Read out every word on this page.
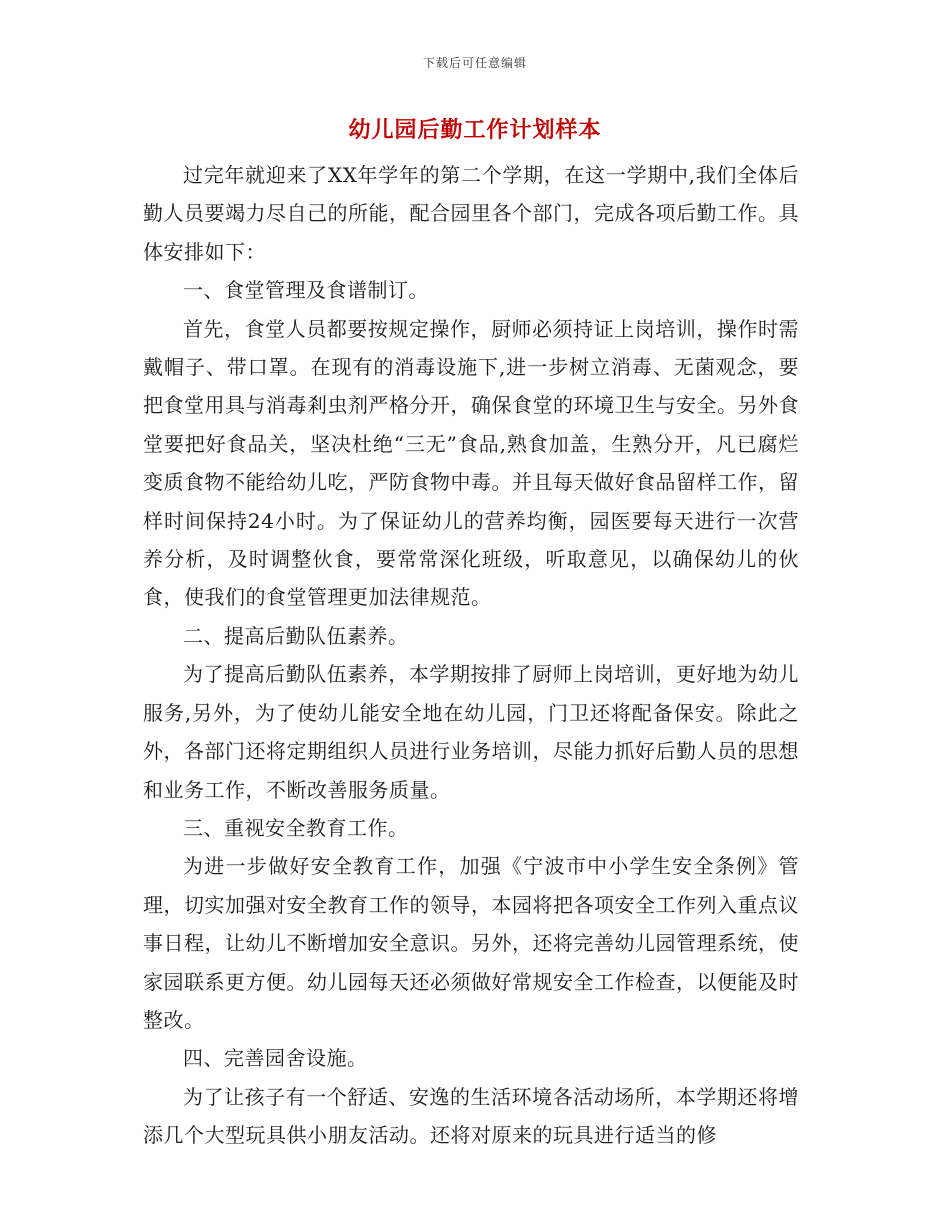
下载后可任意编辑
幼儿园后勤工作计划样本

过完年就迎来了XX年学年的第二个学期，在这一学期中,我们全体后勤人员要竭力尽自己的所能，配合园里各个部门，完成各项后勤工作。具体安排如下：

一、食堂管理及食谱制订。

首先，食堂人员都要按规定操作，厨师必须持证上岗培训，操作时需戴帽子、带口罩。在现有的消毒设施下,进一步树立消毒、无菌观念，要把食堂用具与消毒剎虫剂严格分开，确保食堂的环境卫生与安全。另外食堂要把好食品关，坚决杜绝“三无”食品,熟食加盖，生熟分开，凡已腐烂变质食物不能给幼儿吃，严防食物中毒。并且每天做好食品留样工作，留样时间保持24小时。为了保证幼儿的营养均衡，园医要每天进行一次营养分析，及时调整伙食，要常常深化班级，听取意见，以确保幼儿的伙食，使我们的食堂管理更加法律规范。

二、提高后勤队伍素养。

为了提高后勤队伍素养，本学期按排了厨师上岗培训，更好地为幼儿服务,另外，为了使幼儿能安全地在幼儿园，门卫还将配备保安。除此之外，各部门还将定期组织人员进行业务培训，尽能力抓好后勤人员的思想和业务工作，不断改善服务质量。

三、重视安全教育工作。

为进一步做好安全教育工作，加强《宁波市中小学生安全条例》管理，切实加强对安全教育工作的领导，本园将把各项安全工作列入重点议事日程，让幼儿不断增加安全意识。另外，还将完善幼儿园管理系统，使家园联系更方便。幼儿园每天还必须做好常规安全工作检查，以便能及时整改。

四、完善园舍设施。

为了让孩子有一个舒适、安逸的生活环境各活动场所，本学期还将增添几个大型玩具供小朋友活动。还将对原来的玩具进行适当的修
